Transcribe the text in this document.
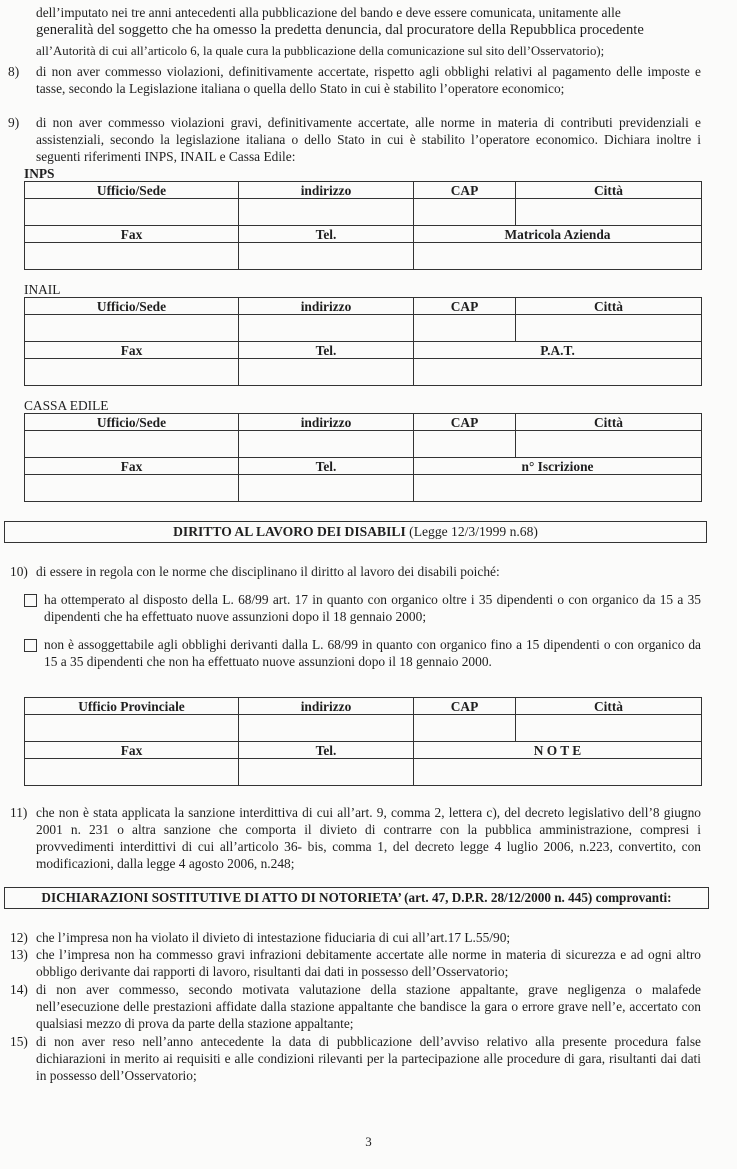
dell’imputato nei tre anni antecedenti alla pubblicazione del bando e deve essere comunicata, unitamente alle

generalità del soggetto che ha omesso la predetta denuncia, dal procuratore della Repubblica procedente

all’Autorità di cui all’articolo 6, la quale cura la pubblicazione della comunicazione sul sito dell’Osservatorio);

8) di non aver commesso violazioni, definitivamente accertate, rispetto agli obblighi relativi al pagamento delle imposte e tasse, secondo la Legislazione italiana o quella dello Stato in cui è stabilito l’operatore economico;

9) di non aver commesso violazioni gravi, definitivamente accertate, alle norme in materia di contributi previdenziali e assistenziali, secondo la legislazione italiana o dello Stato in cui è stabilito l’operatore economico. Dichiara inoltre i seguenti riferimenti INPS, INAIL e Cassa Edile:

INPS
Ufficio/Sede	indirizzo	CAP	Città

Fax	Tel.	Matricola Azienda	

INAIL
Ufficio/Sede	indirizzo	CAP	Città

Fax	Tel.	P.A.T.	

CASSA EDILE
Ufficio/Sede	indirizzo	CAP	Città

Fax	Tel.	n° Iscrizione	

DIRITTO AL LAVORO DEI DISABILI (Legge 12/3/1999 n.68)
10) di essere in regola con le norme che disciplinano il diritto al lavoro dei disabili poiché:

ha ottemperato al disposto della L. 68/99 art. 17 in quanto con organico oltre i 35 dipendenti o con organico da 15 a 35 dipendenti che ha effettuato nuove assunzioni dopo il 18 gennaio 2000;

non è assoggettabile agli obblighi derivanti dalla L. 68/99 in quanto con organico fino a 15 dipendenti o con organico da 15 a 35 dipendenti che non ha effettuato nuove assunzioni dopo il 18 gennaio 2000.

Ufficio Provinciale	indirizzo	CAP	Città

Fax	Tel.	N O T E	

11) che non è stata applicata la sanzione interdittiva di cui all’art. 9, comma 2, lettera c), del decreto legislativo dell’8 giugno 2001 n. 231 o altra sanzione che comporta il divieto di contrarre con la pubblica amministrazione, compresi i provvedimenti interdittivi di cui all’articolo 36- bis, comma 1, del decreto legge 4 luglio 2006, n.223, convertito, con modificazioni, dalla legge 4 agosto 2006, n.248;

DICHIARAZIONI SOSTITUTIVE DI ATTO DI NOTORIETA’ (art. 47, D.P.R. 28/12/2000 n. 445) comprovanti:
12) che l’impresa non ha violato il divieto di intestazione fiduciaria di cui all’art.17 L.55/90;

13) che l’impresa non ha commesso gravi infrazioni debitamente accertate alle norme in materia di sicurezza e ad ogni altro obbligo derivante dai rapporti di lavoro, risultanti dai dati in possesso dell’Osservatorio;

14) di non aver commesso, secondo motivata valutazione della stazione appaltante, grave negligenza o malafede nell’esecuzione delle prestazioni affidate dalla stazione appaltante che bandisce la gara o errore grave nell’e, accertato con qualsiasi mezzo di prova da parte della stazione appaltante;

15) di non aver reso nell’anno antecedente la data di pubblicazione dell’avviso relativo alla presente procedura false dichiarazioni in merito ai requisiti e alle condizioni rilevanti per la partecipazione alle procedure di gara, risultanti dai dati in possesso dell’Osservatorio;

3
